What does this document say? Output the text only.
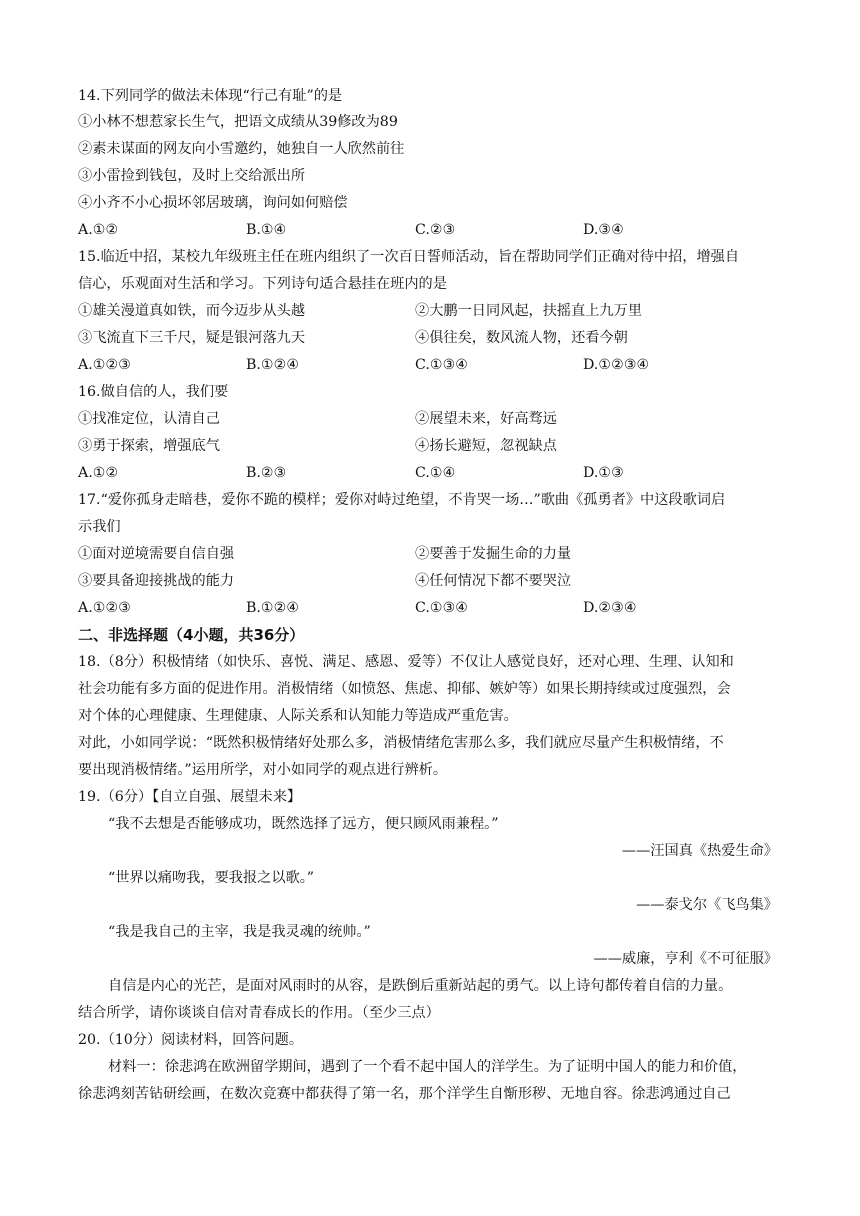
14.下列同学的做法未体现“行己有耻”的是
①小林不想惹家长生气，把语文成绩从39修改为89
②素未谋面的网友向小雪邀约，她独自一人欣然前往
③小雷捡到钱包，及时上交给派出所
④小齐不小心损坏邻居玻璃，询问如何赔偿
A.①②	B.①④	C.②③	D.③④
15.临近中招，某校九年级班主任在班内组织了一次百日誓师活动，旨在帮助同学们正确对待中招，增强自
信心，乐观面对生活和学习。下列诗句适合悬挂在班内的是
①雄关漫道真如铁，而今迈步从头越	②大鹏一日同风起，扶摇直上九万里
③飞流直下三千尺，疑是银河落九天	④俱往矣，数风流人物，还看今朝
A.①②③	B.①②④	C.①③④	D.①②③④
16.做自信的人，我们要
①找准定位，认清自己	②展望未来，好高骛远
③勇于探索，增强底气	④扬长避短，忽视缺点
A.①②	B.②③	C.①④	D.①③
17.“爱你孤身走暗巷，爱你不跪的模样；爱你对峙过绝望，不肯哭一场…”歌曲《孤勇者》中这段歌词启
示我们
①面对逆境需要自信自强	②要善于发掘生命的力量
③要具备迎接挑战的能力	④任何情况下都不要哭泣
A.①②③	B.①②④	C.①③④	D.②③④
二、非选择题（4小题，共36分）
18.（8分）积极情绪（如快乐、喜悦、满足、感恩、爱等）不仅让人感觉良好，还对心理、生理、认知和
社会功能有多方面的促进作用。消极情绪（如愤怒、焦虑、抑郁、嫉妒等）如果长期持续或过度强烈，会
对个体的心理健康、生理健康、人际关系和认知能力等造成严重危害。
对此，小如同学说：“既然积极情绪好处那么多，消极情绪危害那么多，我们就应尽量产生积极情绪，不
要出现消极情绪。”运用所学，对小如同学的观点进行辨析。
19.（6分）【自立自强、展望未来】
“我不去想是否能够成功，既然选择了远方，便只顾风雨兼程。”
——汪国真《热爱生命》
“世界以痛吻我，要我报之以歌。”
——泰戈尔《飞鸟集》
“我是我自己的主宰，我是我灵魂的统帅。”
——威廉，亨利《不可征服》
自信是内心的光芒，是面对风雨时的从容，是跌倒后重新站起的勇气。以上诗句都传着自信的力量。
结合所学，请你谈谈自信对青春成长的作用。（至少三点）
20.（10分）阅读材料，回答问题。
材料一：徐悲鸿在欧洲留学期间，遇到了一个看不起中国人的洋学生。为了证明中国人的能力和价值，
徐悲鸿刻苦钻研绘画，在数次竞赛中都获得了第一名，那个洋学生自惭形秽、无地自容。徐悲鸿通过自己
